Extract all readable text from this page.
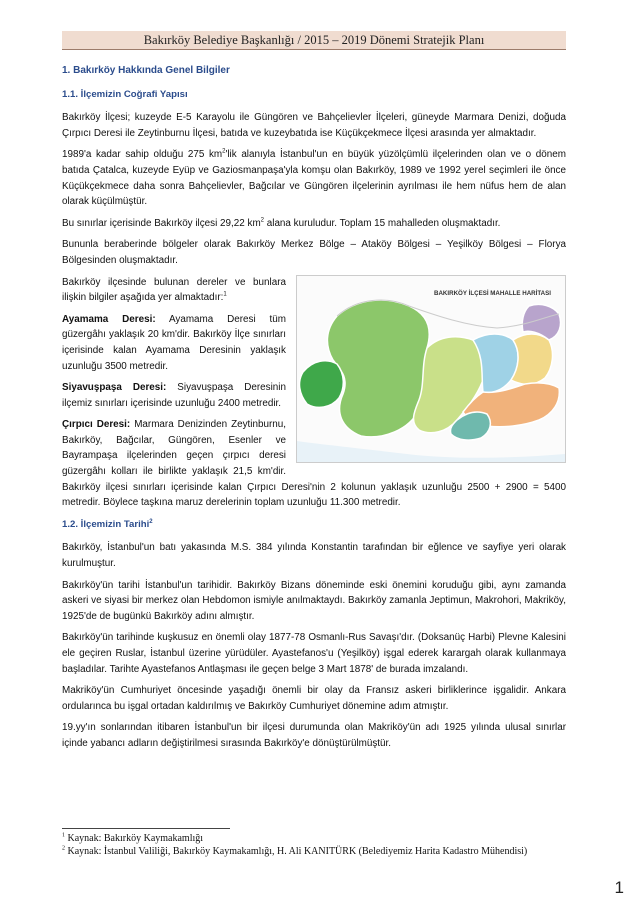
Bakırköy Belediye Başkanlığı / 2015 – 2019 Dönemi Stratejik Planı
1. Bakırköy Hakkında Genel Bilgiler
1.1. İlçemizin Coğrafi Yapısı

Bakırköy İlçesi; kuzeyde E-5 Karayolu ile Güngören ve Bahçelievler İlçeleri, güneyde Marmara Denizi, doğuda Çırpıcı Deresi ile Zeytinburnu İlçesi, batıda ve kuzeybatıda ise Küçükçekmece İlçesi arasında yer almaktadır.

1989'a kadar sahip olduğu 275 $km^2'lik$ alanıyla İstanbul'un en büyük yüzölçümlü ilçelerinden olan ve o dönem batıda Çatalca, kuzeyde Eyüp ve Gaziosmanpaşa'yla komşu olan Bakırköy, 1989 ve 1992 yerel seçimleri ile önce Küçükçekmece daha sonra Bahçelievler, Bağcılar ve Güngören ilçelerinin ayrılması ile hem nüfus hem de alan olarak küçülmüştür.

Bu sınırlar içerisinde Bakırköy ilçesi 29,22 $km^2$ alana kuruludur. Toplam 15 mahalleden oluşmaktadır.

Bununla beraberinde bölgeler olarak Bakırköy Merkez Bölge – Ataköy Bölgesi – Yeşilköy Bölgesi – Florya Bölgesinden oluşmaktadır.

BAKIRKÖY İLÇESİ MAHALLE HARİTASI

Bakırköy ilçesinde bulunan dereler ve bunlara ilişkin bilgiler aşağıda yer almaktadır:$^1$

Ayamama Deresi: Ayamama Deresi tüm güzergâhı yaklaşık 20 km'dir. Bakırköy İlçe sınırları içerisinde kalan Ayamama Deresinin yaklaşık uzunluğu 3500 metredir.

Siyavuşpaşa Deresi: Siyavuşpaşa Deresinin ilçemiz sınırları içerisinde uzunluğu 2400 metredir.

Çırpıcı Deresi: Marmara Denizinden Zeytinburnu, Bakırköy, Bağcılar, Güngören, Esenler ve Bayrampaşa ilçelerinden geçen çırpıcı deresi güzergâhı kolları ile birlikte yaklaşık 21,5 km'dir. Bakırköy ilçesi sınırları içerisinde kalan Çırpıcı Deresi'nin 2 kolunun yaklaşık uzunluğu 2500 + 2900 = 5400 metredir. Böylece taşkına maruz derelerinin toplam uzunluğu 11.300 metredir.

1.2. İlçemizin Tarihi$^2$

Bakırköy, İstanbul'un batı yakasında M.S. 384 yılında Konstantin tarafından bir eğlence ve sayfiye yeri olarak kurulmuştur.

Bakırköy'ün tarihi İstanbul'un tarihidir. Bakırköy Bizans döneminde eski önemini koruduğu gibi, aynı zamanda askeri ve siyasi bir merkez olan Hebdomon ismiyle anılmaktaydı. Bakırköy zamanla Jeptimun, Makrohori, Makriköy, 1925'de de bugünkü Bakırköy adını almıştır.

Bakırköy'ün tarihinde kuşkusuz en önemli olay 1877-78 Osmanlı-Rus Savaşı'dır. (Doksanüç Harbi) Plevne Kalesini ele geçiren Ruslar, İstanbul üzerine yürüdüler. Ayastefanos'u (Yeşilköy) işgal ederek karargah olarak kullanmaya başladılar. Tarihte Ayastefanos Antlaşması ile geçen belge 3 Mart 1878' de burada imzalandı.

Makriköy'ün Cumhuriyet öncesinde yaşadığı önemli bir olay da Fransız askeri birliklerince işgalidir. Ankara ordularınca bu işgal ortadan kaldırılmış ve Bakırköy Cumhuriyet dönemine adım atmıştır.

19.yy'ın sonlarından itibaren İstanbul'un bir ilçesi durumunda olan Makriköy'ün adı 1925 yılında ulusal sınırlar içinde yabancı adların değiştirilmesi sırasında Bakırköy'e dönüştürülmüştür.

$^1$ Kaynak: Bakırköy Kaymakamlığı

$^2$ Kaynak: İstanbul Valiliği, Bakırköy Kaymakamlığı, H. Ali KANITÜRK (Belediyemiz Harita Kadastro Mühendisi)

1
